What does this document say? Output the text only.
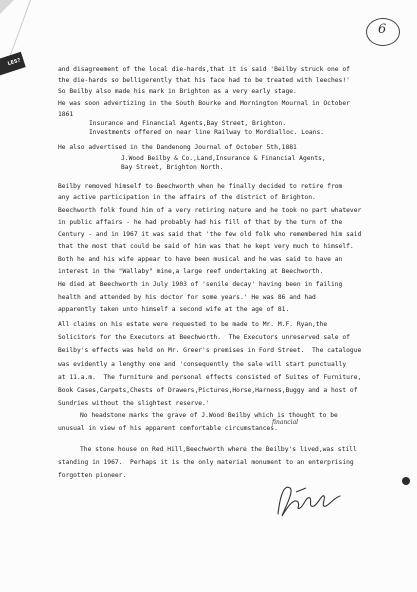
LES?
6
and disagreement of the local die-hards,that it is said 'Beilby struck one of
the die-hards so belligerently that his face had to be treated with leeches!'
So Beilby also made his mark in Brighton as a very early stage.
He was soon advertizing in the South Bourke and Mornington Mournal in October
1861
Insurance and Financial Agents,Bay Street, Brighton.
Investments offered on near line Railway to Mordialloc. Loans.
He also advertised in the Dandenong Journal of October 5th,1881
J.Wood Beilby & Co.,Land,Insurance & Financial Agents,
Bay Street, Brighton North.
Beilby removed himself to Beechworth when he finally decided to retire from
any active participation in the affairs of the district of Brighton.
Beechworth folk found him of a very retiring nature and he took no part whatever
in public affairs - he had probably had his fill of that by the turn of the
Century - and in 1967 it was said that 'the few old folk who remembered him said
that the most that could be said of him was that he kept very much to himself.
Both he and his wife appear to have been musical and he was said to have an
interest in the "Wallaby" mine,a large reef undertaking at Beechworth.
He died at Beechworth in July 1903 of 'senile decay' having been in failing
health and attended by his doctor for some years.' He was 86 and had
apparently taken unto himself a second wife at the age of 81.
All claims on his estate were requested to be made to Mr. M.F. Ryan,the
Solicitors for the Executors at Beechworth.  The Executors unreserved sale of
Beilby's effects was held on Mr. Greer's premises in Ford Street.  The catalogue
was evidently a lengthy one and 'consequently the sale will start punctually
at 11.a.m.  The furniture and personal effects consisted of Suites of Furniture,
Book Cases,Carpets,Chests of Drawers,Pictures,Horse,Harness,Buggy and a host of
Sundries without the slightest reserve.'
financial
No headstone marks the grave of J.Wood Beilby which is thought to be
unusual in view of his apparent comfortable circumstances.
The stone house on Red Hill,Beechworth where the Beilby's lived,was still
standing in 1967.  Perhaps it is the only material monument to an enterprising
forgotten pioneer.
